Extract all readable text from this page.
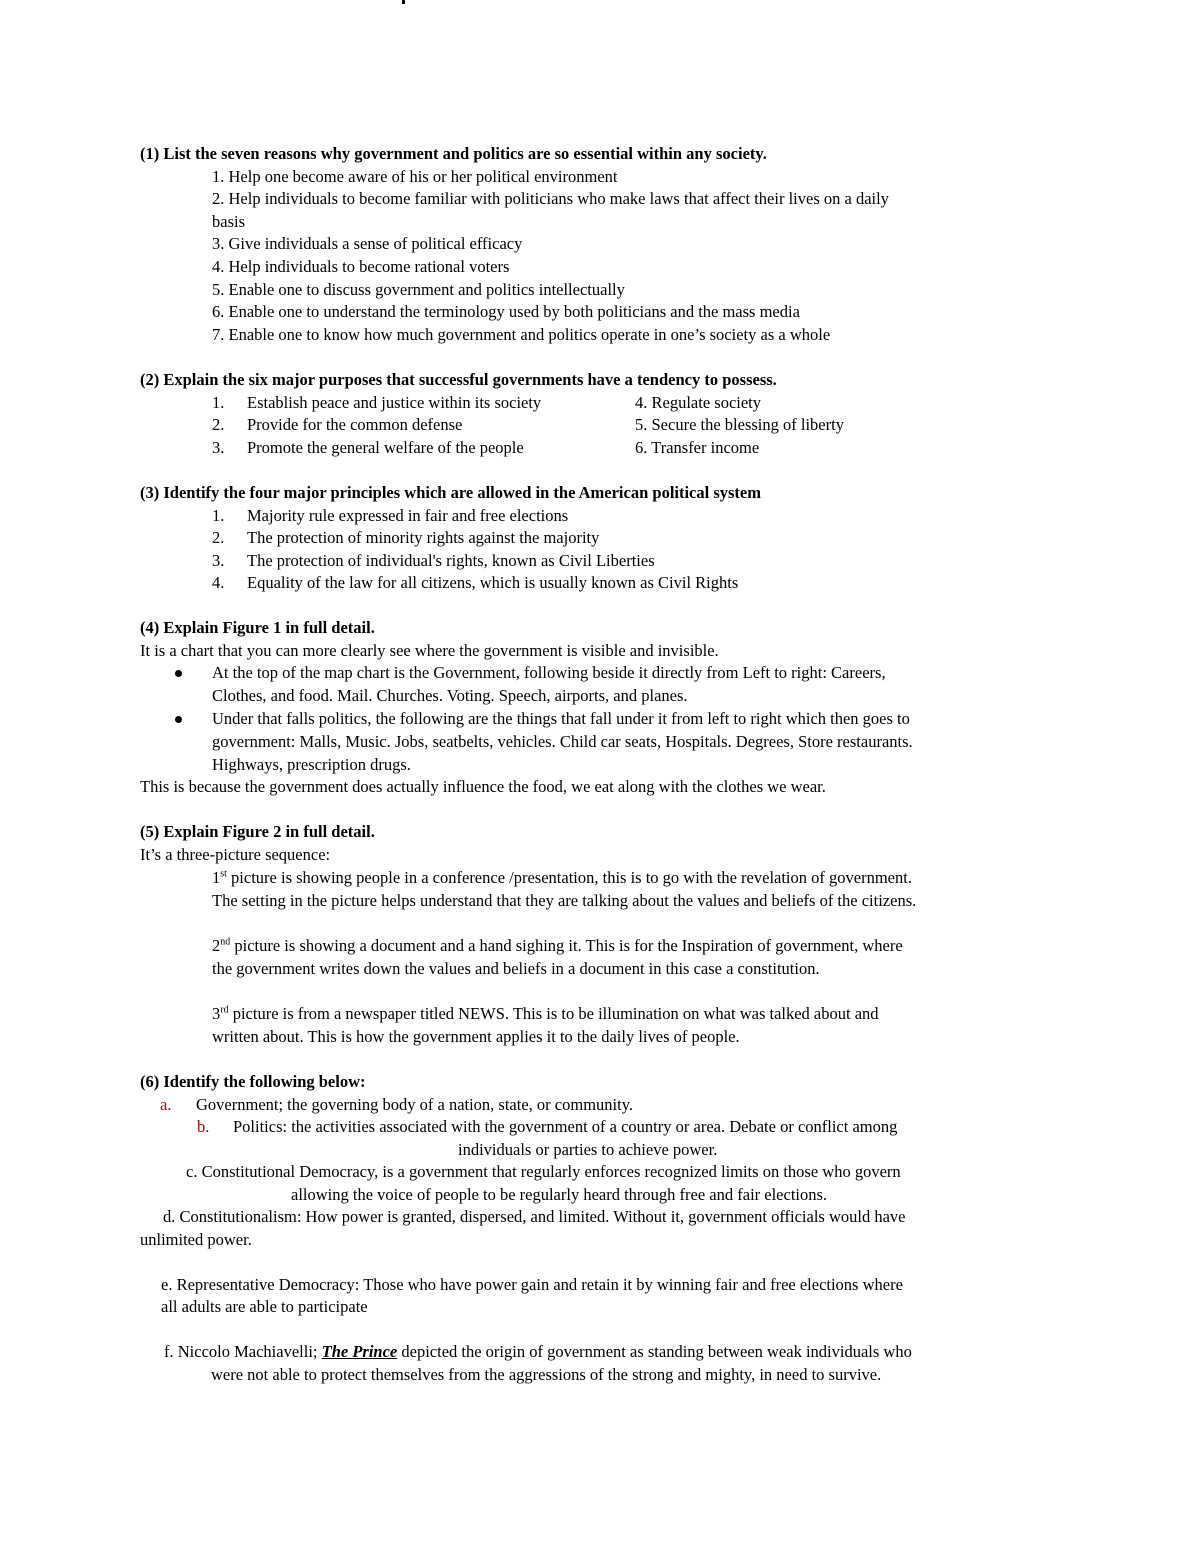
(1) List the seven reasons why government and politics are so essential within any society.
1. Help one become aware of his or her political environment
2. Help individuals to become familiar with politicians who make laws that affect their lives on a daily
basis
3. Give individuals a sense of political efficacy
4. Help individuals to become rational voters
5. Enable one to discuss government and politics intellectually
6. Enable one to understand the terminology used by both politicians and the mass media
7. Enable one to know how much government and politics operate in one’s society as a whole
(2) Explain the six major purposes that successful governments have a tendency to possess.
1. Establish peace and justice within its society	4. Regulate society
2. Provide for the common defense	5. Secure the blessing of liberty
3. Promote the general welfare of the people	6. Transfer income
(3) Identify the four major principles which are allowed in the American political system
1. Majority rule expressed in fair and free elections
2. The protection of minority rights against the majority
3. The protection of individual's rights, known as Civil Liberties
4. Equality of the law for all citizens, which is usually known as Civil Rights
(4) Explain Figure 1 in full detail.
It is a chart that you can more clearly see where the government is visible and invisible.
At the top of the map chart is the Government, following beside it directly from Left to right: Careers,
Clothes, and food. Mail. Churches. Voting. Speech, airports, and planes.
Under that falls politics, the following are the things that fall under it from left to right which then goes to
government: Malls, Music. Jobs, seatbelts, vehicles. Child car seats, Hospitals. Degrees, Store restaurants.
Highways, prescription drugs.
This is because the government does actually influence the food, we eat along with the clothes we wear.
(5) Explain Figure 2 in full detail.
It’s a three-picture sequence:
1st picture is showing people in a conference /presentation, this is to go with the revelation of government.
The setting in the picture helps understand that they are talking about the values and beliefs of the citizens.
2nd picture is showing a document and a hand sighing it. This is for the Inspiration of government, where
the government writes down the values and beliefs in a document in this case a constitution.
3rd picture is from a newspaper titled NEWS. This is to be illumination on what was talked about and
written about. This is how the government applies it to the daily lives of people.
(6) Identify the following below:
a. Government; the governing body of a nation, state, or community.
b. Politics: the activities associated with the government of a country or area. Debate or conflict among
individuals or parties to achieve power.
c. Constitutional Democracy, is a government that regularly enforces recognized limits on those who govern
allowing the voice of people to be regularly heard through free and fair elections.
d. Constitutionalism: How power is granted, dispersed, and limited. Without it, government officials would have
unlimited power.
e. Representative Democracy: Those who have power gain and retain it by winning fair and free elections where
all adults are able to participate
f. Niccolo Machiavelli; The Prince depicted the origin of government as standing between weak individuals who
were not able to protect themselves from the aggressions of the strong and mighty, in need to survive.
